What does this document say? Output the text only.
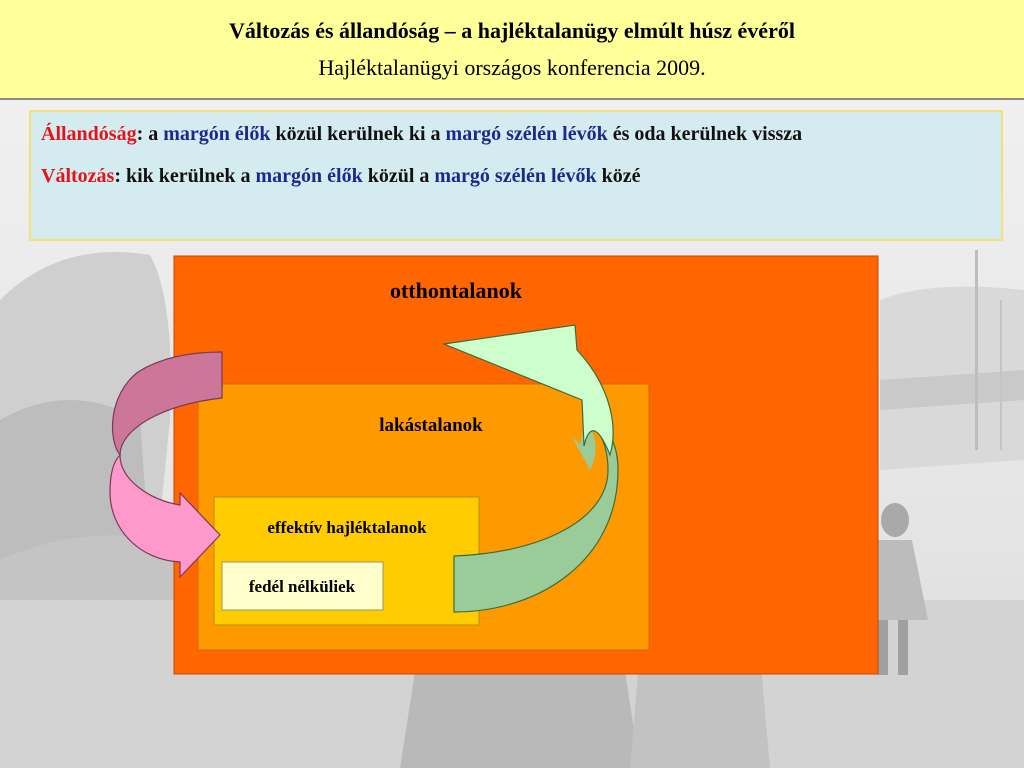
Változás és állandóság – a hajléktalanügy elmúlt húsz évéről
Hajléktalanügyi országos konferencia 2009.

Állandóság: a margón élők közül kerülnek ki a margó szélén lévők és oda kerülnek vissza

Változás: kik kerülnek a margón élők közül a margó szélén lévők közé

otthontalanok
lakástalanok
effektív hajléktalanok
fedél nélküliek
